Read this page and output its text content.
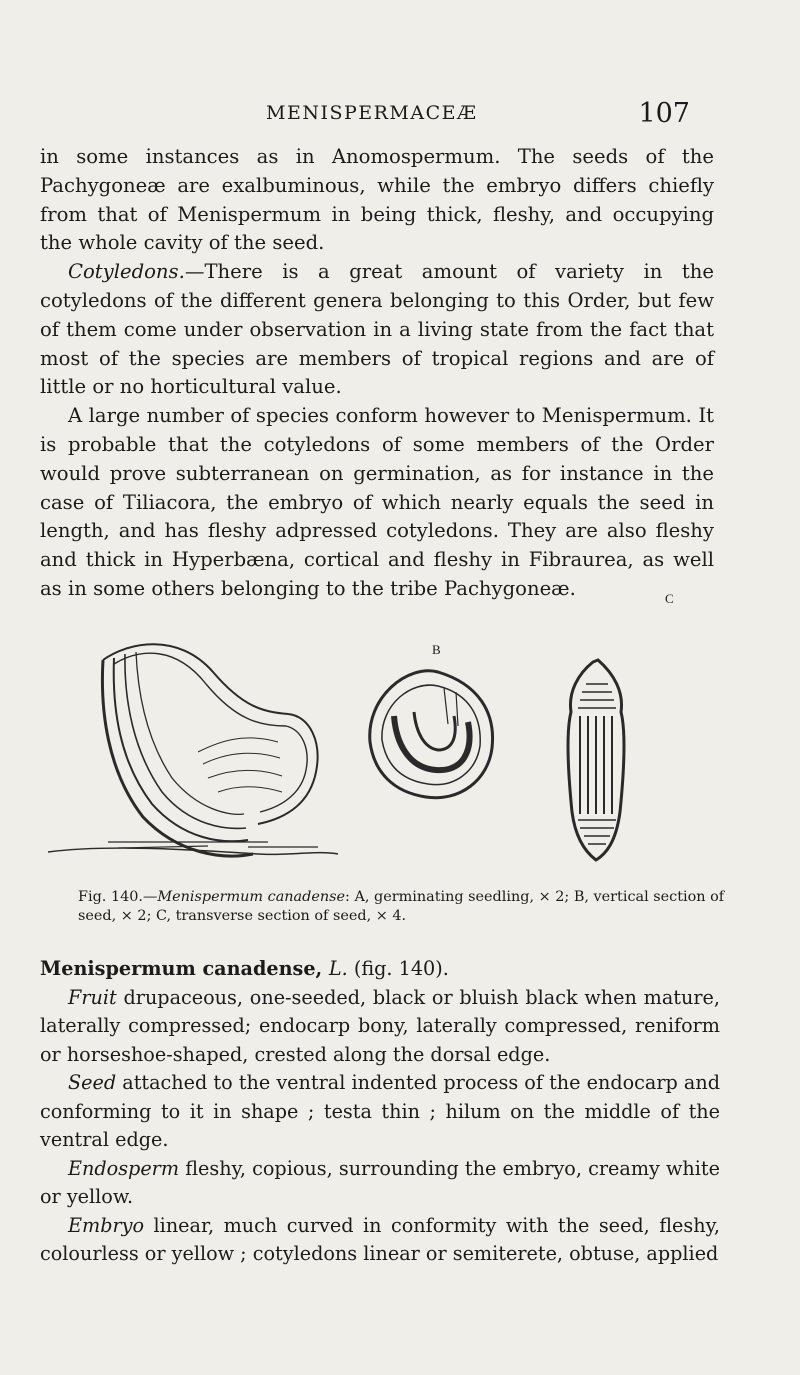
MENISPERMACEÆ	107

in some instances as in Anomospermum. The seeds of the Pachygoneæ are exalbuminous, while the embryo differs chiefly from that of Menispermum in being thick, fleshy, and occupying the whole cavity of the seed.

Cotyledons.—There is a great amount of variety in the cotyledons of the different genera belonging to this Order, but few of them come under observation in a living state from the fact that most of the species are members of tropical regions and are of little or no horticultural value.

A large number of species conform however to Menispermum. It is probable that the cotyledons of some members of the Order would prove subterranean on germination, as for instance in the case of Tiliacora, the embryo of which nearly equals the seed in length, and has fleshy adpressed cotyledons. They are also fleshy and thick in Hyperbæna, cortical and fleshy in Fibraurea, as well as in some others belonging to the tribe Pachygoneæ.

B
C

Fig. 140.—Menispermum canadense: A, germinating seedling, × 2; B, vertical section of seed, × 2; C, transverse section of seed, × 4.

Menispermum canadense, L. (fig. 140).

Fruit drupaceous, one-seeded, black or bluish black when mature, laterally compressed; endocarp bony, laterally compressed, reniform or horseshoe-shaped, crested along the dorsal edge.

Seed attached to the ventral indented process of the endocarp and conforming to it in shape ; testa thin ; hilum on the middle of the ventral edge.

Endosperm fleshy, copious, surrounding the embryo, creamy white or yellow.

Embryo linear, much curved in conformity with the seed, fleshy, colourless or yellow ; cotyledons linear or semiterete, obtuse, applied
